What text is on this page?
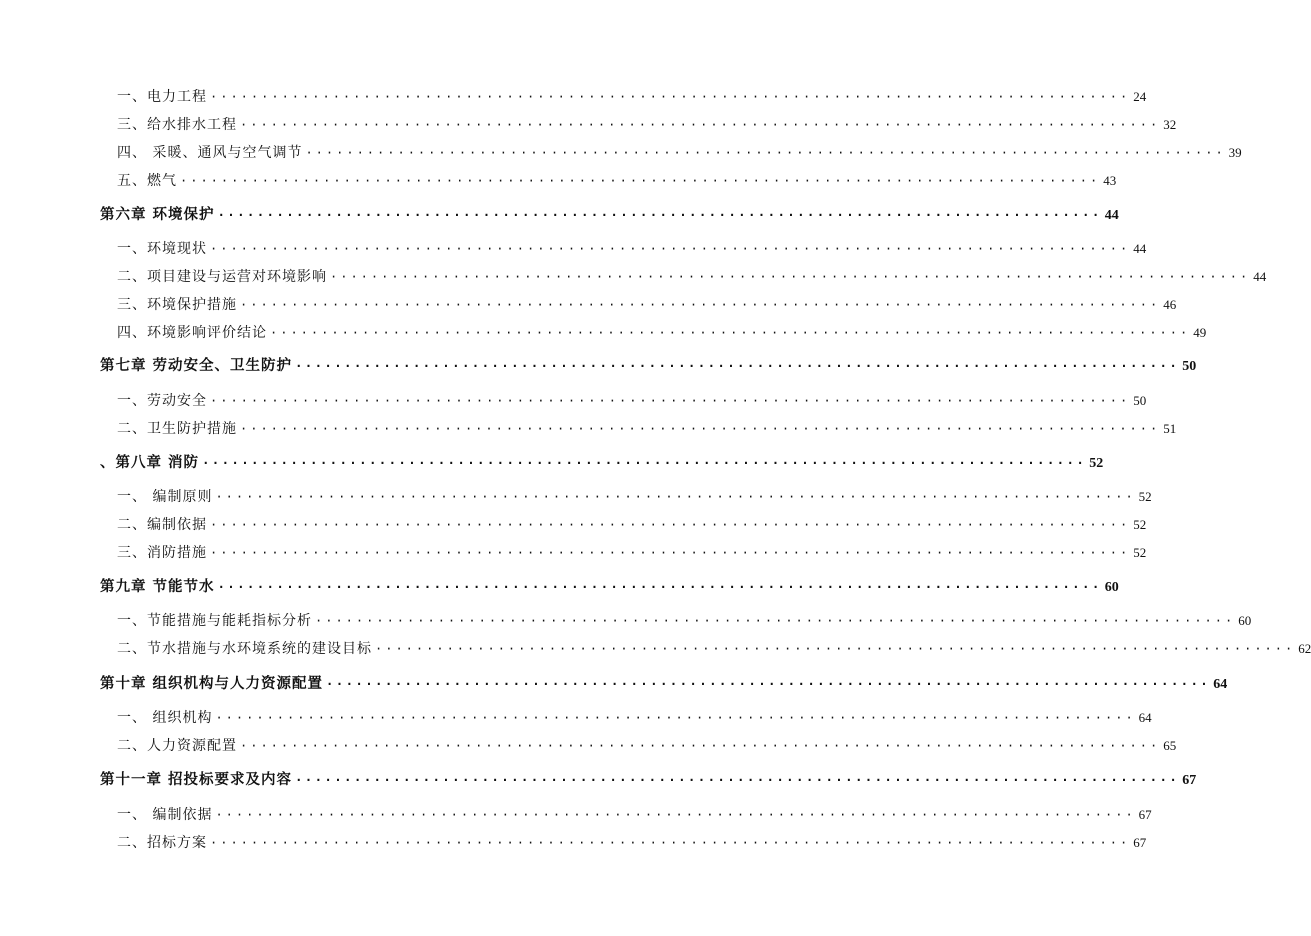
一、电力工程 ·························································································· 24
三、给水排水工程 ·························································································· 32
四、 采暖、通风与空气调节 ·························································································· 39
五、燃气 ·························································································· 43
第六章 环境保护 ·························································································· 44
一、环境现状 ·························································································· 44
二、项目建设与运营对环境影响 ·························································································· 44
三、环境保护措施 ·························································································· 46
四、环境影响评价结论 ·························································································· 49
第七章 劳动安全、卫生防护 ·························································································· 50
一、劳动安全 ·························································································· 50
二、卫生防护措施 ·························································································· 51
、第八章 消防 ·························································································· 52
一、 编制原则 ·························································································· 52
二、编制依据 ·························································································· 52
三、消防措施 ·························································································· 52
第九章 节能节水 ·························································································· 60
一、节能措施与能耗指标分析 ·························································································· 60
二、节水措施与水环境系统的建设目标 ·························································································· 62
第十章 组织机构与人力资源配置 ·························································································· 64
一、 组织机构 ·························································································· 64
二、人力资源配置 ·························································································· 65
第十一章 招投标要求及内容 ·························································································· 67
一、 编制依据 ·························································································· 67
二、招标方案 ·························································································· 67
